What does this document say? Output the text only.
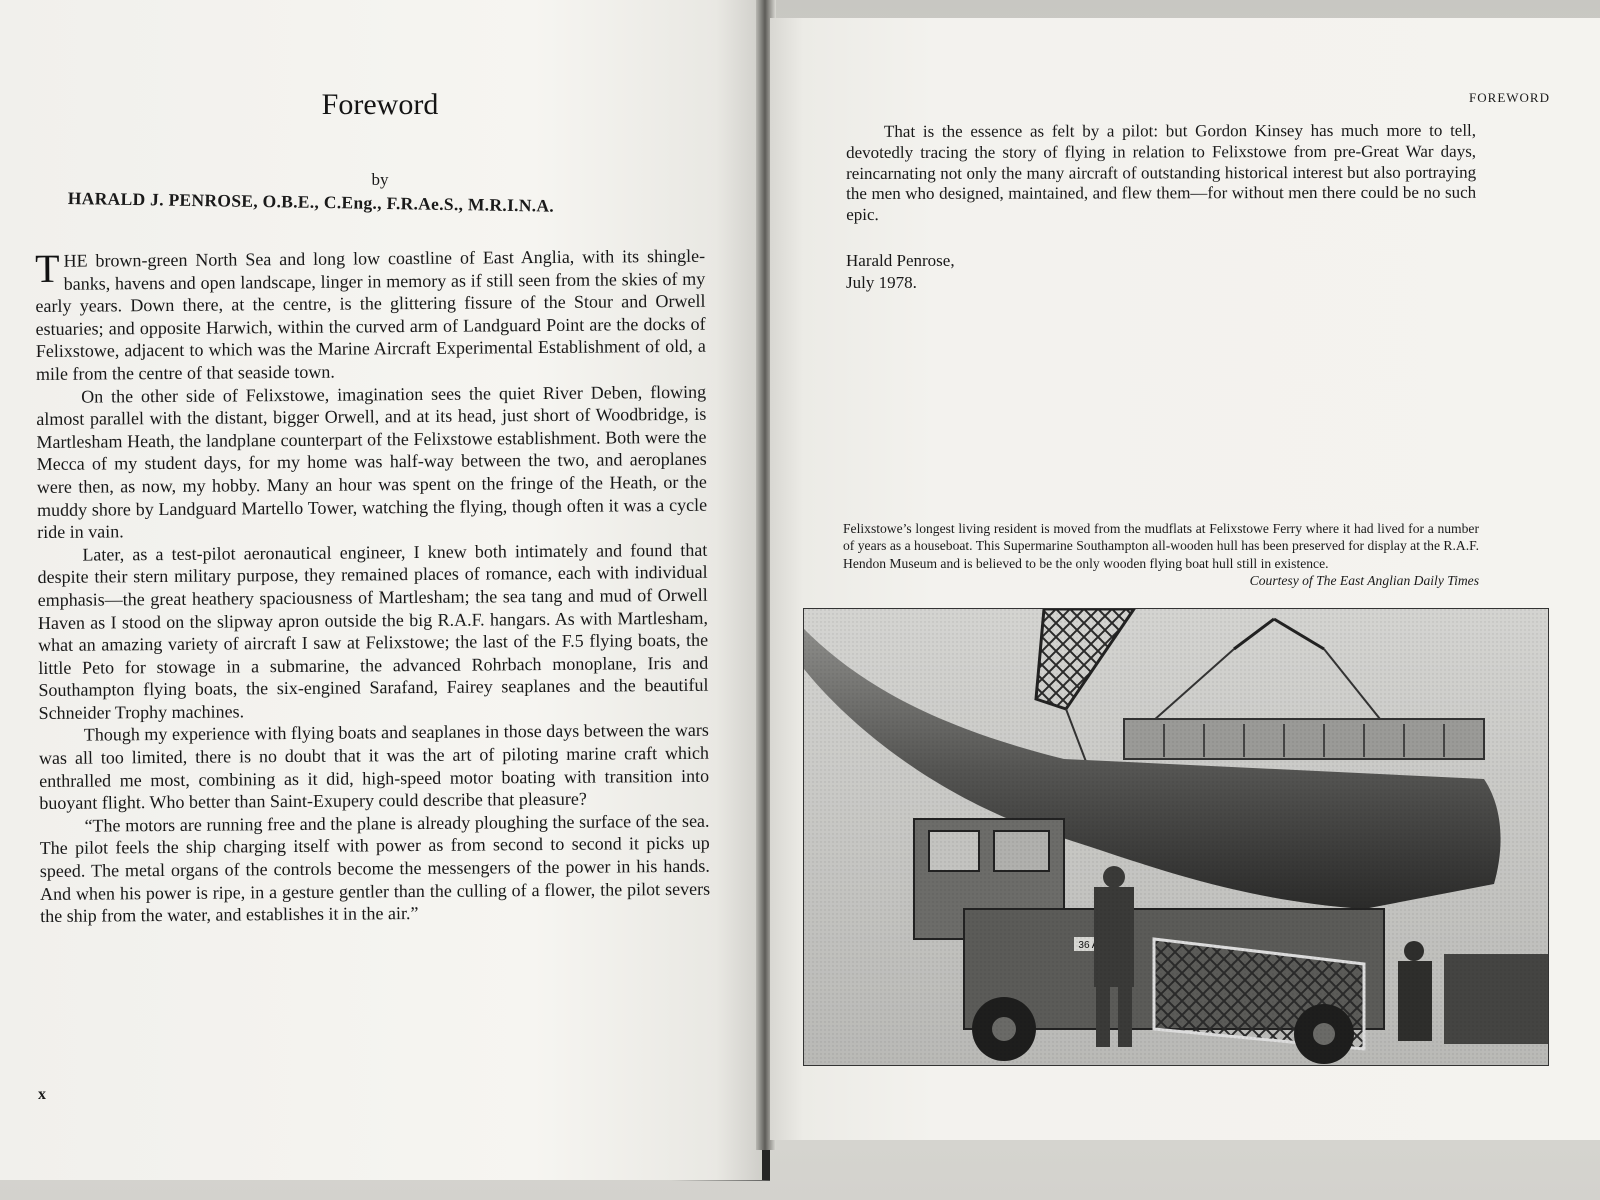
Foreword
by
HARALD J. PENROSE, O.B.E., C.Eng., F.R.Ae.S., M.R.I.N.A.

THE brown-green North Sea and long low coastline of East Anglia, with its shingle-banks, havens and open landscape, linger in memory as if still seen from the skies of my early years. Down there, at the centre, is the glittering fissure of the Stour and Orwell estuaries; and opposite Harwich, within the curved arm of Landguard Point are the docks of Felixstowe, adjacent to which was the Marine Aircraft Experimental Establishment of old, a mile from the centre of that seaside town.

On the other side of Felixstowe, imagination sees the quiet River Deben, flowing almost parallel with the distant, bigger Orwell, and at its head, just short of Woodbridge, is Martlesham Heath, the landplane counterpart of the Felixstowe establishment. Both were the Mecca of my student days, for my home was half-way between the two, and aeroplanes were then, as now, my hobby. Many an hour was spent on the fringe of the Heath, or the muddy shore by Landguard Martello Tower, watching the flying, though often it was a cycle ride in vain.

Later, as a test-pilot aeronautical engineer, I knew both intimately and found that despite their stern military purpose, they remained places of romance, each with individual emphasis—the great heathery spaciousness of Martlesham; the sea tang and mud of Orwell Haven as I stood on the slipway apron outside the big R.A.F. hangars. As with Martlesham, what an amazing variety of aircraft I saw at Felixstowe; the last of the F.5 flying boats, the little Peto for stowage in a submarine, the advanced Rohrbach monoplane, Iris and Southampton flying boats, the six-engined Sarafand, Fairey seaplanes and the beautiful Schneider Trophy machines.

Though my experience with flying boats and seaplanes in those days between the wars was all too limited, there is no doubt that it was the art of piloting marine craft which enthralled me most, combining as it did, high-speed motor boating with transition into buoyant flight. Who better than Saint-Exupery could describe that pleasure?

“The motors are running free and the plane is already ploughing the surface of the sea. The pilot feels the ship charging itself with power as from second to second it picks up speed. The metal organs of the controls become the messengers of the power in his hands. And when his power is ripe, in a gesture gentler than the culling of a flower, the pilot severs the ship from the water, and establishes it in the air.”

x
FOREWORD

That is the essence as felt by a pilot: but Gordon Kinsey has much more to tell, devotedly tracing the story of flying in relation to Felixstowe from pre-Great War days, reincarnating not only the many aircraft of outstanding historical interest but also portraying the men who designed, maintained, and flew them—for without men there could be no such epic.

Harald Penrose,
July 1978.
Felixstowe’s longest living resident is moved from the mudflats at Felixstowe Ferry where it had lived for a number of years as a houseboat. This Supermarine Southampton all-wooden hull has been preserved for display at the R.A.F. Hendon Museum and is believed to be the only wooden flying boat hull still in existence.
Courtesy of The East Anglian Daily Times
